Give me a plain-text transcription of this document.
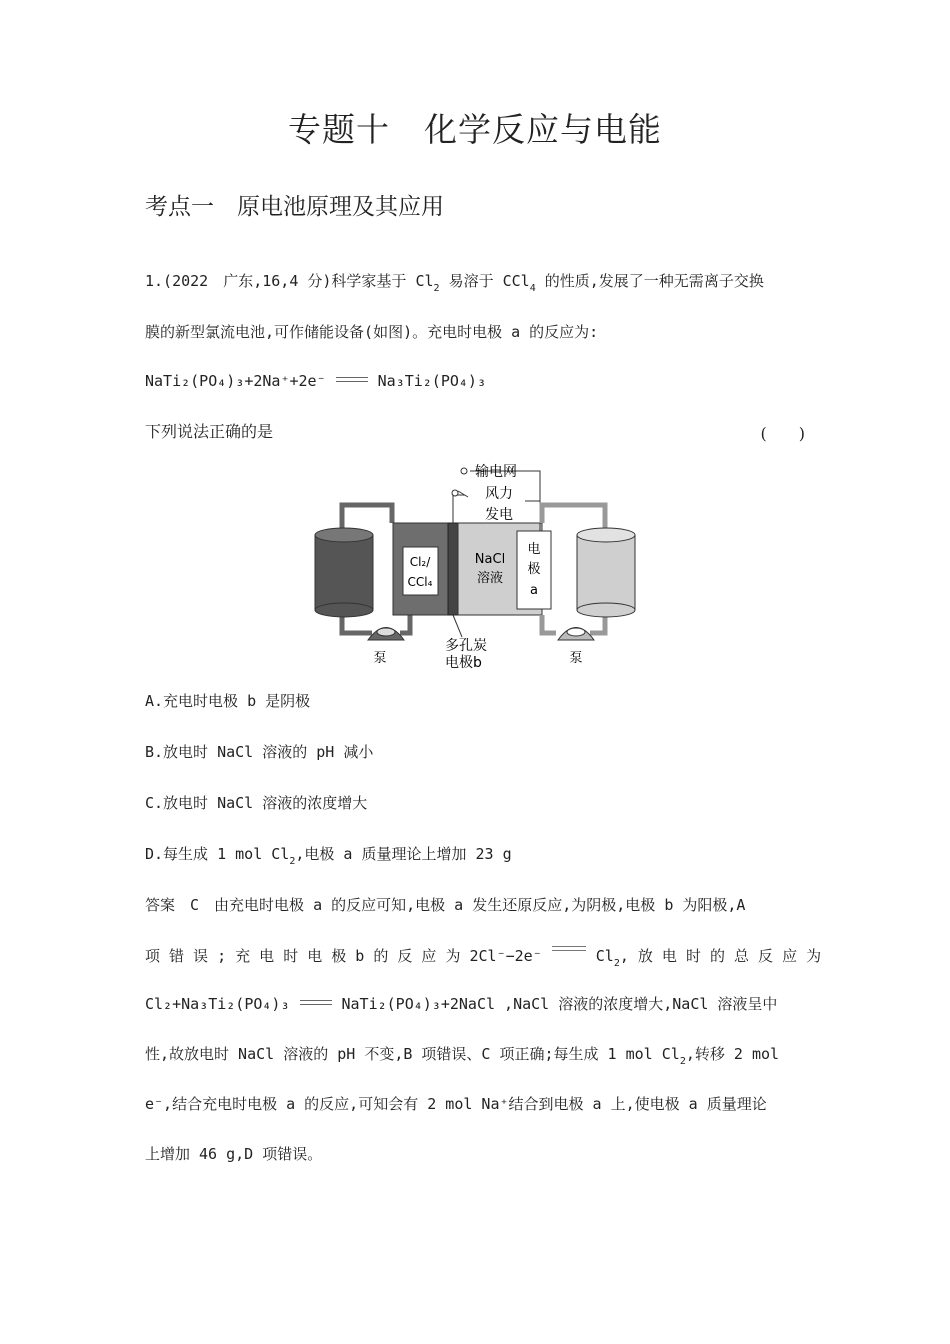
专题十　化学反应与电能
考点一　原电池原理及其应用
1.(2022　广东,16,4 分)科学家基于 $Cl_2$ 易溶于 CCl$_4$ 的性质,发展了一种无需离子交换
膜的新型氯流电池,可作储能设备(如图)。充电时电极 a 的反应为:
NaTi₂(PO₄)₃+2Na⁺+2e⁻	Na₃Ti₂(PO₄)₃
下列说法正确的是	(　　)
Cl₂/
CCl₄
NaCl
溶液
电
极
a
输电网
风力
发电
多孔炭
电极b
泵	泵
A.充电时电极 b 是阴极
B.放电时 NaCl 溶液的 pH 减小
C.放电时 NaCl 溶液的浓度增大
D.每生成 1 mol $Cl_2$,电极 a 质量理论上增加 23 g
答案　C　由充电时电极 a 的反应可知,电极 a 发生还原反应,为阴极,电极 b 为阳极,A
项 错 误 ; 充 电 时 电 极 b 的 反 应 为 2Cl⁻−2e⁻	$Cl_2$, 放 电 时 的 总 反 应 为
Cl₂+Na₃Ti₂(PO₄)₃	NaTi₂(PO₄)₃+2NaCl ,NaCl 溶液的浓度增大,NaCl 溶液呈中
性,故放电时 NaCl 溶液的 pH 不变,B 项错误、C 项正确;每生成 1 mol $Cl_2$,转移 2 mol
e⁻,结合充电时电极 a 的反应,可知会有 2 mol Na⁺结合到电极 a 上,使电极 a 质量理论
上增加 46 g,D 项错误。
